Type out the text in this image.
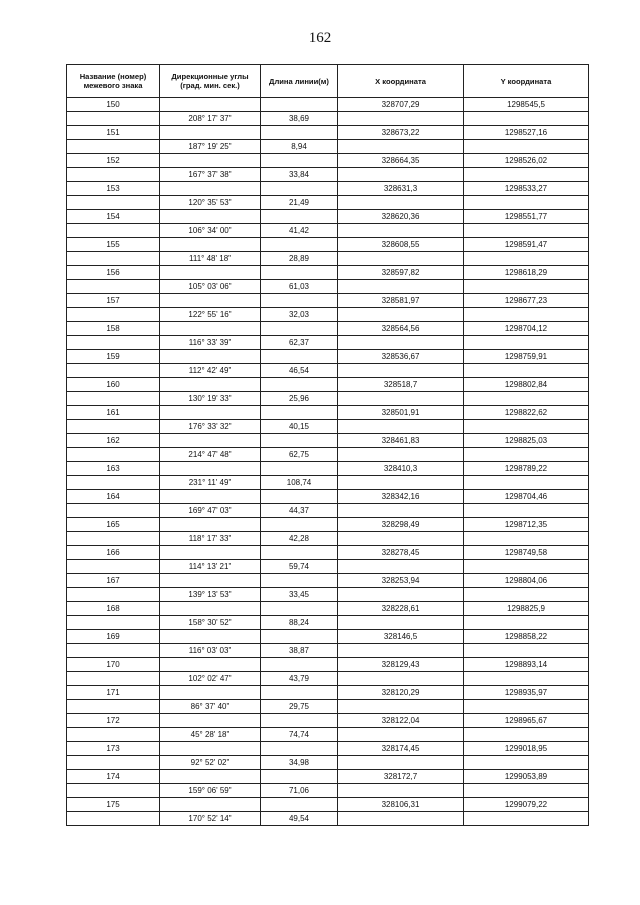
162
Название (номер) межевого знака	Дирекционные углы (град. мин. сек.)	Длина линии(м)	X координата	Y координата
150			328707,29	1298545,5
	208° 17' 37"	38,69		
151			328673,22	1298527,16
	187° 19' 25"	8,94		
152			328664,35	1298526,02
	167° 37' 38"	33,84		
153			328631,3	1298533,27
	120° 35' 53"	21,49		
154			328620,36	1298551,77
	106° 34' 00"	41,42		
155			328608,55	1298591,47
	111° 48' 18"	28,89		
156			328597,82	1298618,29
	105° 03' 06"	61,03		
157			328581,97	1298677,23
	122° 55' 16"	32,03		
158			328564,56	1298704,12
	116° 33' 39"	62,37		
159			328536,67	1298759,91
	112° 42' 49"	46,54		
160			328518,7	1298802,84
	130° 19' 33"	25,96		
161			328501,91	1298822,62
	176° 33' 32"	40,15		
162			328461,83	1298825,03
	214° 47' 48"	62,75		
163			328410,3	1298789,22
	231° 11' 49"	108,74		
164			328342,16	1298704,46
	169° 47' 03"	44,37		
165			328298,49	1298712,35
	118° 17' 33"	42,28		
166			328278,45	1298749,58
	114° 13' 21"	59,74		
167			328253,94	1298804,06
	139° 13' 53"	33,45		
168			328228,61	1298825,9
	158° 30' 52"	88,24		
169			328146,5	1298858,22
	116° 03' 03"	38,87		
170			328129,43	1298893,14
	102° 02' 47"	43,79		
171			328120,29	1298935,97
	86° 37' 40"	29,75		
172			328122,04	1298965,67
	45° 28' 18"	74,74		
173			328174,45	1299018,95
	92° 52' 02"	34,98		
174			328172,7	1299053,89
	159° 06' 59"	71,06		
175			328106,31	1299079,22
	170° 52' 14"	49,54		
